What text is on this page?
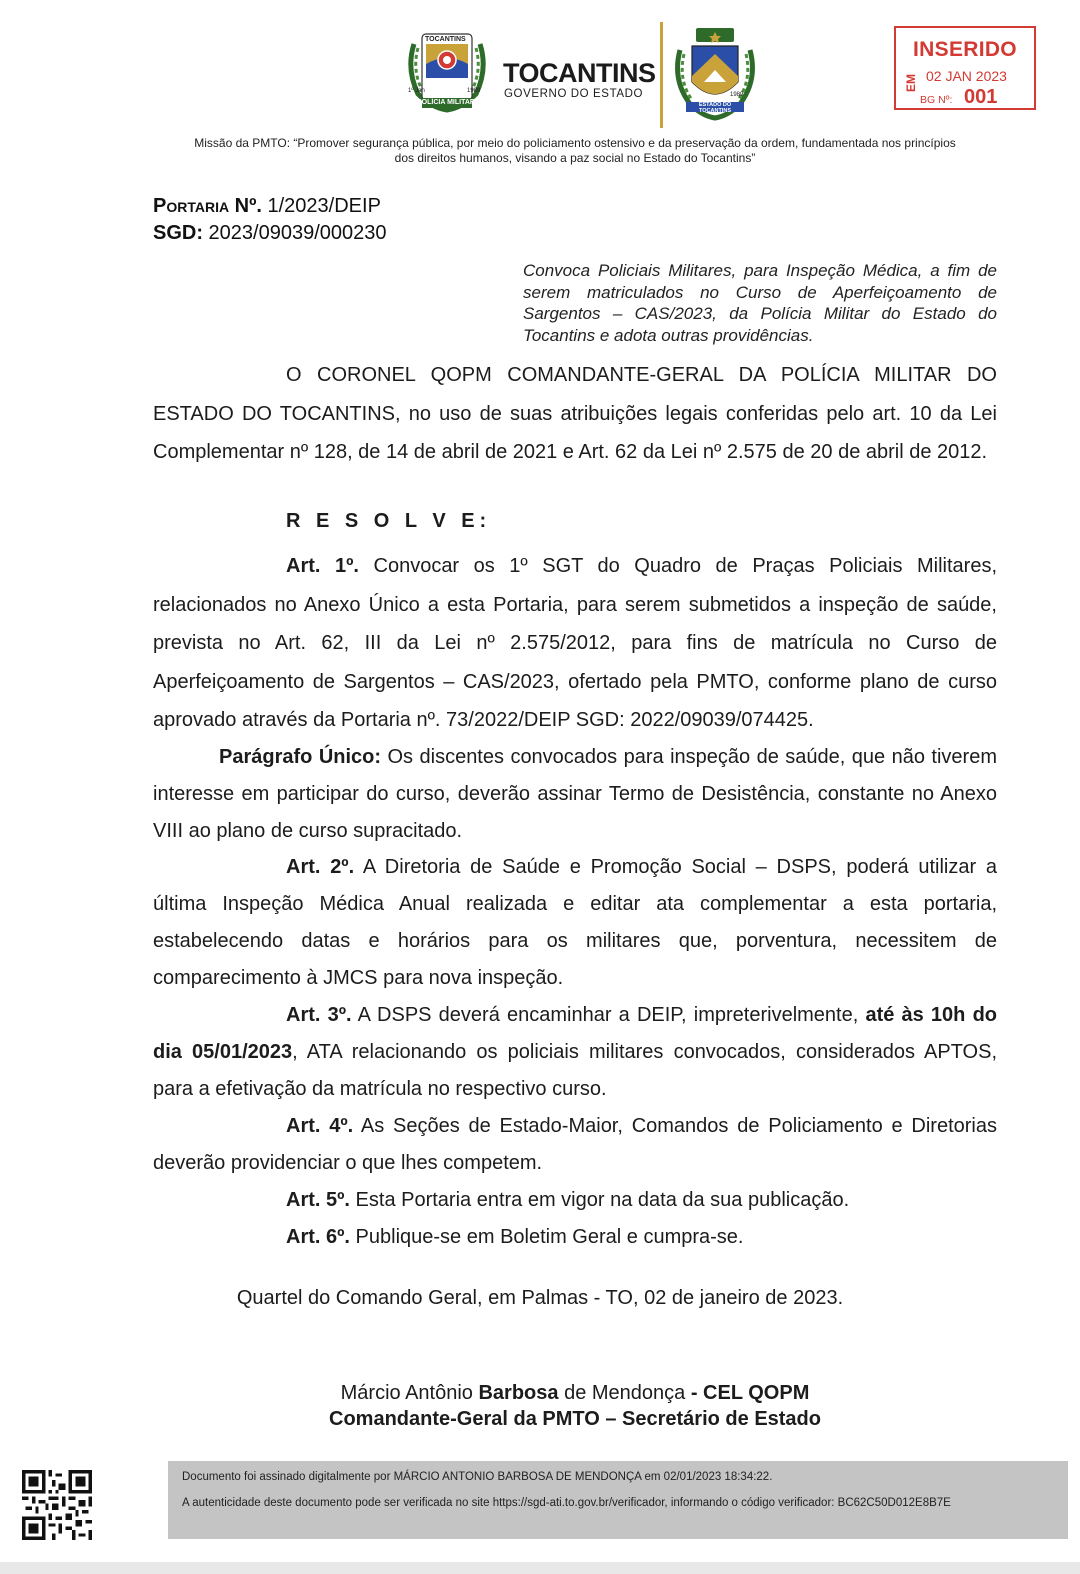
TOCANTINS
1º Jan	1989
POLÍCIA MILITAR
TOCANTINS
GOVERNO DO ESTADO
ESTADO DO TOCANTINS
1989
INSERIDO
EM 02 JAN 2023
BG Nº: 001
Missão da PMTO: “Promover segurança pública, por meio do policiamento ostensivo e da preservação da ordem, fundamentada nos princípios
dos direitos humanos, visando a paz social no Estado do Tocantins”
Portaria Nº. 1/2023/DEIP
SGD: 2023/09039/000230
Convoca Policiais Militares, para Inspeção Médica, a fim de serem matriculados no Curso de Aperfeiçoamento de Sargentos – CAS/2023, da Polícia Militar do Estado do Tocantins e adota outras providências.
O CORONEL QOPM COMANDANTE-GERAL DA POLÍCIA MILITAR DO ESTADO DO TOCANTINS, no uso de suas atribuições legais conferidas pelo art. 10 da Lei Complementar nº 128, de 14 de abril de 2021 e Art. 62 da Lei nº 2.575 de 20 de abril de 2012.
R E S O L V E:
Art. 1º. Convocar os 1º SGT do Quadro de Praças Policiais Militares, relacionados no Anexo Único a esta Portaria, para serem submetidos a inspeção de saúde, prevista no Art. 62, III da Lei nº 2.575/2012, para fins de matrícula no Curso de Aperfeiçoamento de Sargentos – CAS/2023, ofertado pela PMTO, conforme plano de curso aprovado através da Portaria nº. 73/2022/DEIP SGD: 2022/09039/074425.
Parágrafo Único: Os discentes convocados para inspeção de saúde, que não tiverem interesse em participar do curso, deverão assinar Termo de Desistência, constante no Anexo VIII ao plano de curso supracitado.
Art. 2º. A Diretoria de Saúde e Promoção Social – DSPS, poderá utilizar a última Inspeção Médica Anual realizada e editar ata complementar a esta portaria, estabelecendo datas e horários para os militares que, porventura, necessitem de comparecimento à JMCS para nova inspeção.
Art. 3º. A DSPS deverá encaminhar a DEIP, impreterivelmente, até às 10h do dia 05/01/2023, ATA relacionando os policiais militares convocados, considerados APTOS, para a efetivação da matrícula no respectivo curso.
Art. 4º. As Seções de Estado-Maior, Comandos de Policiamento e Diretorias deverão providenciar o que lhes competem.
Art. 5º. Esta Portaria entra em vigor na data da sua publicação.
Art. 6º. Publique-se em Boletim Geral e cumpra-se.
Quartel do Comando Geral, em Palmas - TO, 02 de janeiro de 2023.
Márcio Antônio Barbosa de Mendonça - CEL QOPM
Comandante-Geral da PMTO – Secretário de Estado
Documento foi assinado digitalmente por MÁRCIO ANTONIO BARBOSA DE MENDONÇA em 02/01/2023 18:34:22.
A autenticidade deste documento pode ser verificada no site https://sgd-ati.to.gov.br/verificador, informando o código verificador: BC62C50D012E8B7E
